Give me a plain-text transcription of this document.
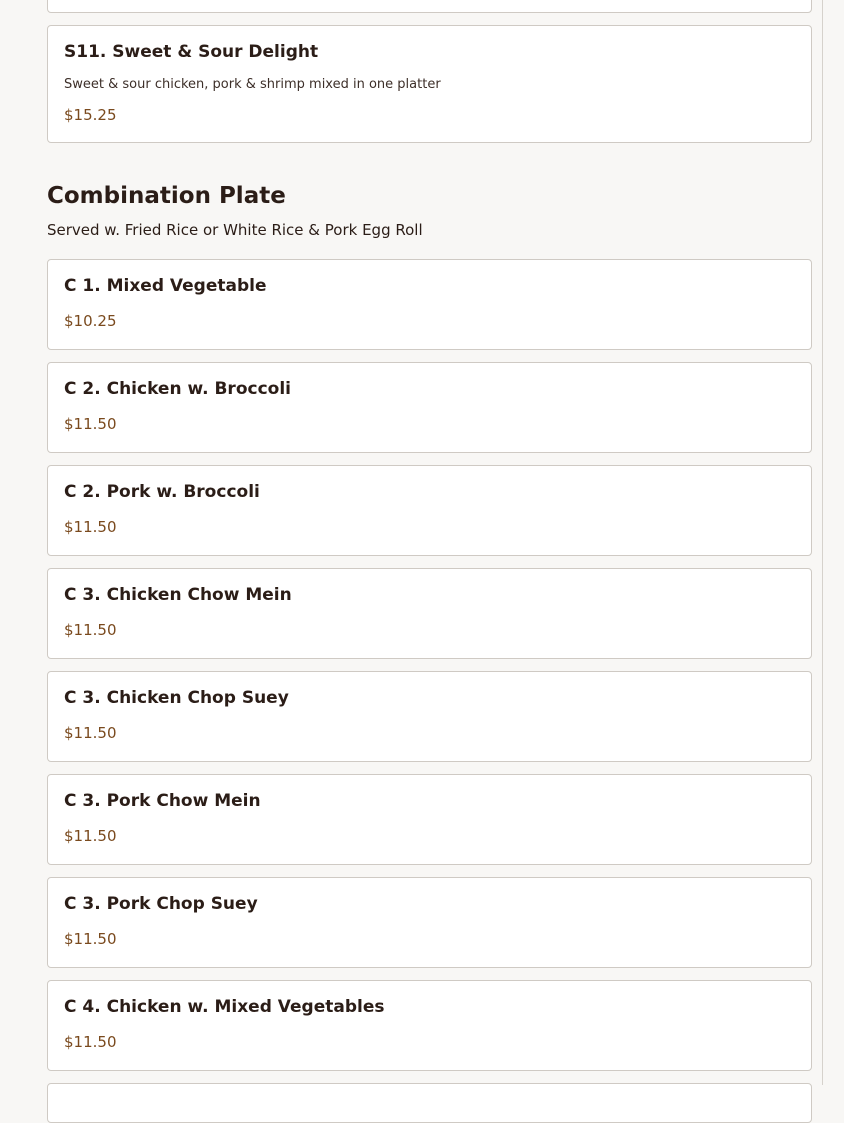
S11. Sweet & Sour Delight
Sweet & sour chicken, pork & shrimp mixed in one platter
$15.25
Combination Plate
Served w. Fried Rice or White Rice & Pork Egg Roll
C 1. Mixed Vegetable
$10.25
C 2. Chicken w. Broccoli
$11.50
C 2. Pork w. Broccoli
$11.50
C 3. Chicken Chow Mein
$11.50
C 3. Chicken Chop Suey
$11.50
C 3. Pork Chow Mein
$11.50
C 3. Pork Chop Suey
$11.50
C 4. Chicken w. Mixed Vegetables
$11.50
